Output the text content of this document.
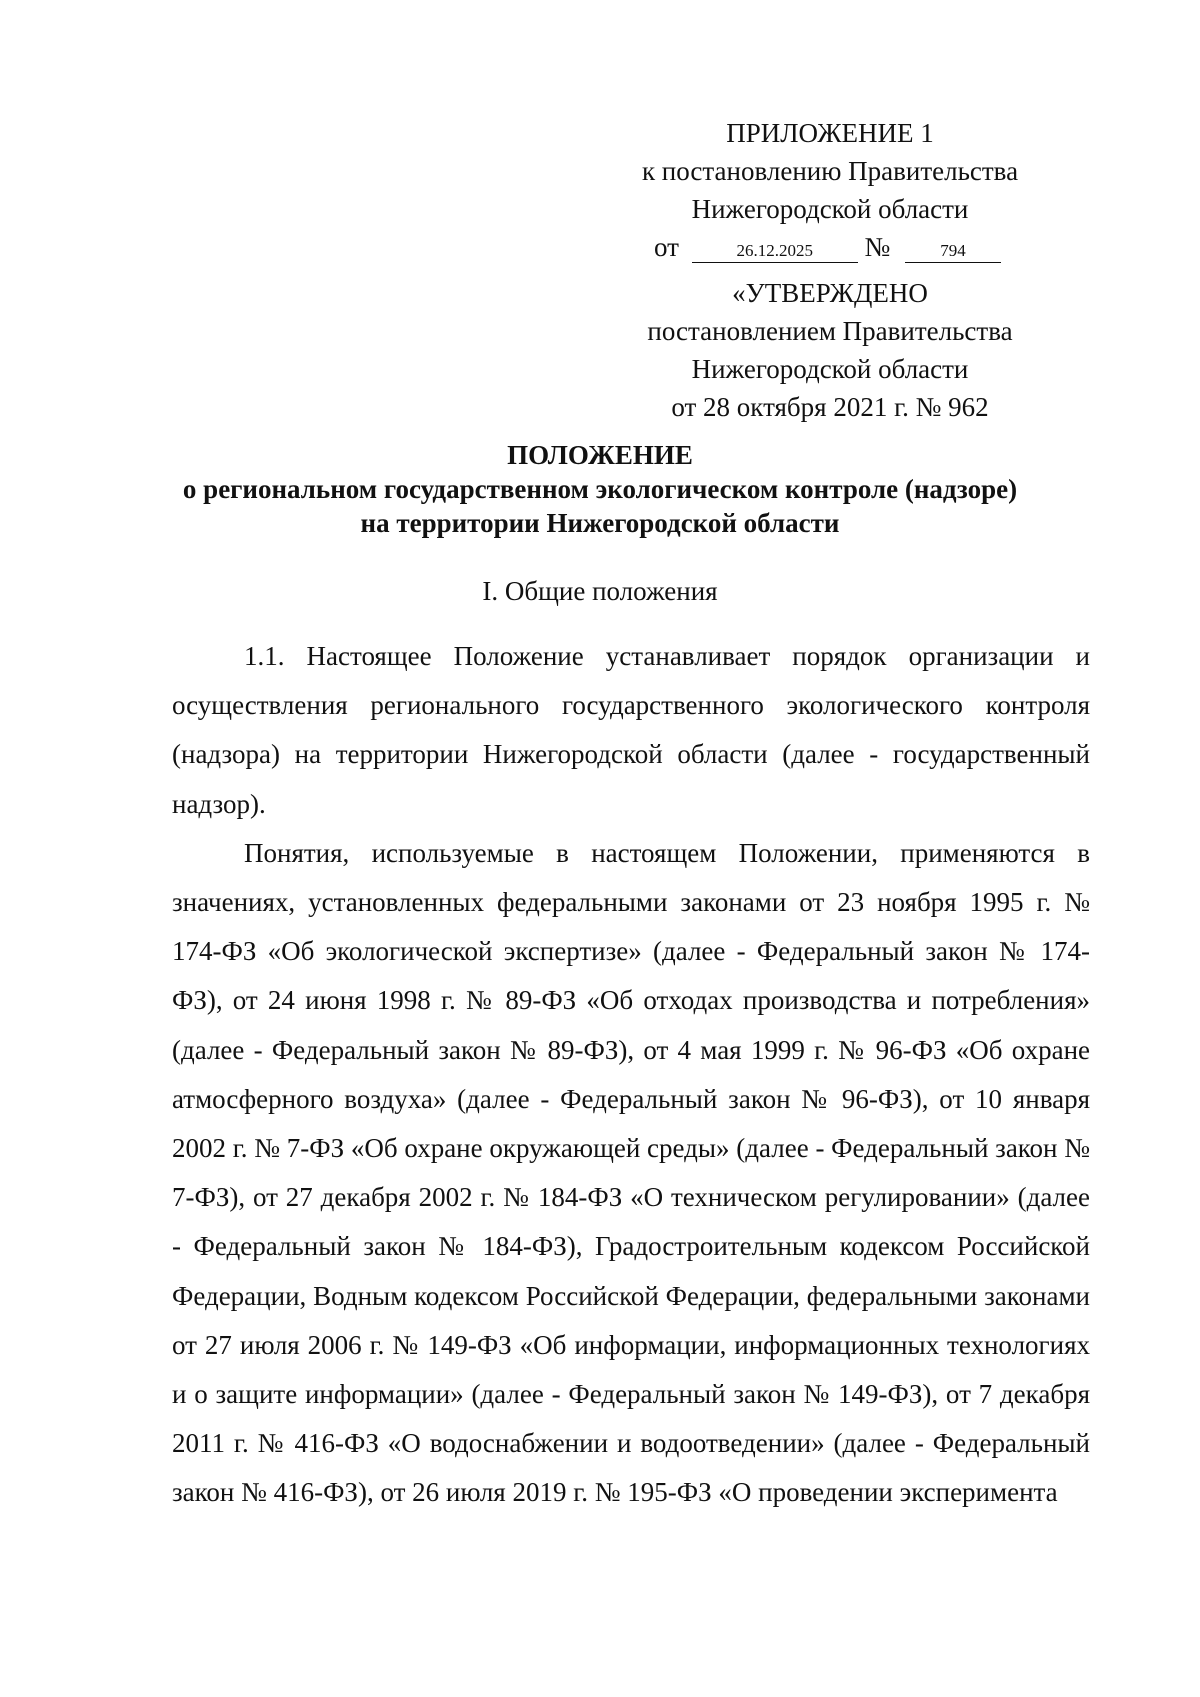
ПРИЛОЖЕНИЕ 1
к постановлению Правительства
Нижегородской области
от	26.12.2025 №	794
«УТВЕРЖДЕНО
постановлением Правительства
Нижегородской области
от 28 октября 2021 г. № 962
ПОЛОЖЕНИЕ
о региональном государственном экологическом контроле (надзоре)
на территории Нижегородской области
I. Общие положения

1.1. Настоящее Положение устанавливает порядок организации и осуществления регионального государственного экологического контроля (надзора) на территории Нижегородской области (далее - государственный надзор).

Понятия, используемые в настоящем Положении, применяются в значениях, установленных федеральными законами от 23 ноября 1995 г. № 174-ФЗ «Об экологической экспертизе» (далее - Федеральный закон № 174-ФЗ), от 24 июня 1998 г. № 89-ФЗ «Об отходах производства и потребления» (далее - Федеральный закон № 89-ФЗ), от 4 мая 1999 г. № 96-ФЗ «Об охране атмосферного воздуха» (далее - Федеральный закон № 96-ФЗ), от 10 января 2002 г. № 7-ФЗ «Об охране окружающей среды» (далее - Федеральный закон № 7-ФЗ), от 27 декабря 2002 г. № 184-ФЗ «О техническом регулировании» (далее - Федеральный закон № 184-ФЗ), Градостроительным кодексом Российской Федерации, Водным кодексом Российской Федерации, федеральными законами от 27 июля 2006 г. № 149-ФЗ «Об информации, информационных технологиях и о защите информации» (далее - Федеральный закон № 149-ФЗ), от 7 декабря 2011 г. № 416-ФЗ «О водоснабжении и водоотведении» (далее - Федеральный закон № 416-ФЗ), от 26 июля 2019 г. № 195-ФЗ «О проведении эксперимента
